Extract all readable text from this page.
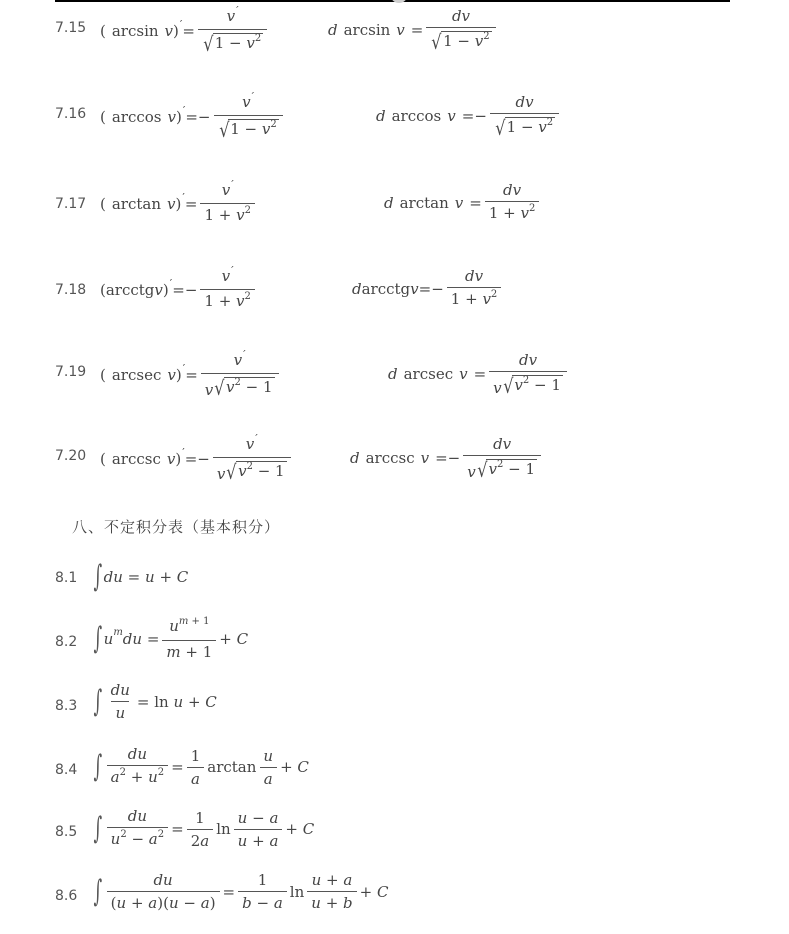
7.15 ( arcsin v ) ′ = $\frac{v'}{√ 1 - v^2}$	d $\arcsin v = \frac{dv}{√ 1 - v^2}$
7.16 ( arccos v ) ′ =− $\frac{v'}{√ 1 - v^2}$	d $\arccos v =- \frac{dv}{√ 1 - v^2}$
7.17 ( arctan v ) ′ = $\frac{v'}{1 + v^2}$	d $\arctan v = \frac{dv}{1 + v^2}$
7.18 ( arcctg v ) ′ =− $\frac{v'}{1 + v^2}$	d arcctg $v =- \frac{dv}{1 + v^2}$
7.19 ( arcsec v ) ′ = $\frac{v'}{v √ v^2 - 1}$	d arcsec $v = \frac{dv}{v √ v^2 - 1}$
7.20 ( arccsc v ) ′ =− $\frac{v'}{v √ v^2 - 1}$	d arccsc $v =- \frac{dv}{v √ v^2 - 1}$
八、不定积分表（基本积分）
8.1 ∫ du = u + C
8.2 ∫ u m du = $\frac{u^{m + 1}}{m + 1} + C$
8.3 ∫ $\frac{du}{u} = \ln$
u + C
8.4 ∫ $\frac{du}{a^2 + u^2} = \frac{1}{a}$ $\arctan \frac{u}{a} + C$
8.5 ∫ $\frac{du}{u^2 - a^2} = \frac{1}{2a}$ $\ln \frac{u - a}{u + a} + C$
8.6 ∫ $\frac{du}{(u + a)(u - a)} = \frac{1}{b - a}$ $\ln \frac{u + a}{u + b} + C$
